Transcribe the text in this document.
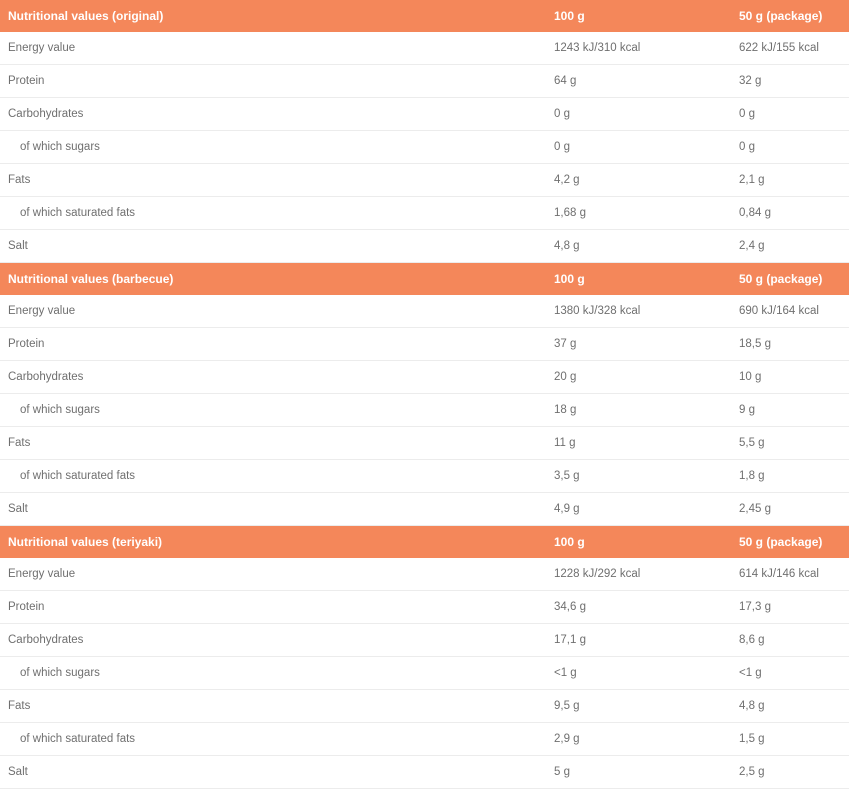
Nutritional values (original)	100 g	50 g (package)
Energy value	1243 kJ/310 kcal	622 kJ/155 kcal
Protein	64 g	32 g
Carbohydrates	0 g	0 g
of which sugars	0 g	0 g
Fats	4,2 g	2,1 g
of which saturated fats	1,68 g	0,84 g
Salt	4,8 g	2,4 g
Nutritional values (barbecue)	100 g	50 g (package)
Energy value	1380 kJ/328 kcal	690 kJ/164 kcal
Protein	37 g	18,5 g
Carbohydrates	20 g	10 g
of which sugars	18 g	9 g
Fats	11 g	5,5 g
of which saturated fats	3,5 g	1,8 g
Salt	4,9 g	2,45 g
Nutritional values (teriyaki)	100 g	50 g (package)
Energy value	1228 kJ/292 kcal	614 kJ/146 kcal
Protein	34,6 g	17,3 g
Carbohydrates	17,1 g	8,6 g
of which sugars	<1 g	<1 g
Fats	9,5 g	4,8 g
of which saturated fats	2,9 g	1,5 g
Salt	5 g	2,5 g
